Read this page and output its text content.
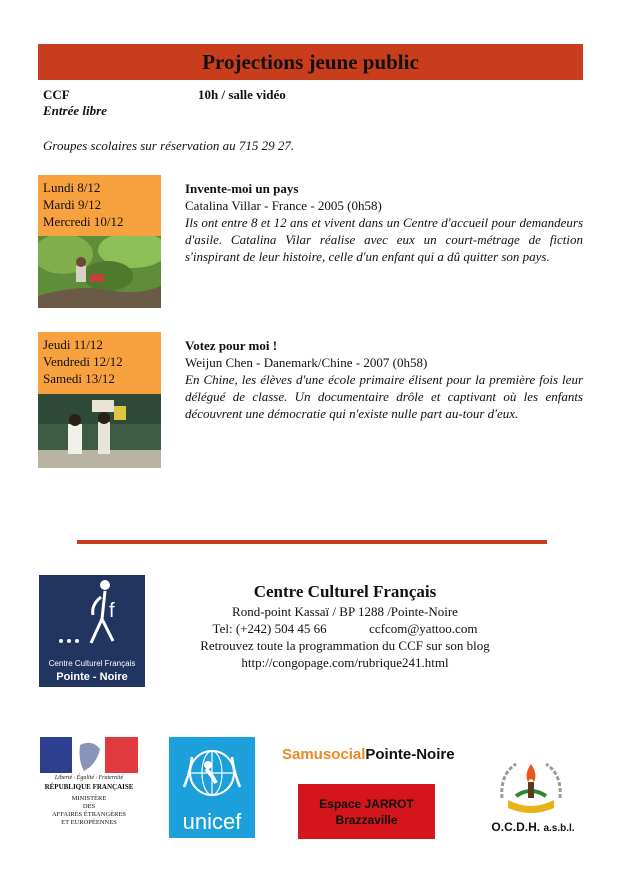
Projections jeune public
CCF	10h / salle vidéo
Entrée libre
Groupes scolaires sur réservation au 715 29 27.
Lundi 8/12
Mardi 9/12
Mercredi 10/12
Invente-moi un pays
Catalina Villar - France - 2005 (0h58)
Ils ont entre 8 et 12 ans et vivent dans un Centre d'accueil pour demandeurs d'asile. Catalina Vilar réalise avec eux un court-métrage de fiction s'inspirant de leur histoire, celle d'un enfant qui a dû quitter son pays.
Jeudi 11/12
Vendredi 12/12
Samedi 13/12
Votez pour moi !
Weijun Chen - Danemark/Chine - 2007 (0h58)
En Chine, les élèves d'une école primaire élisent pour la première fois leur délégué de classe. Un documentaire drôle et captivant où les enfants découvrent une démocratie qui n'existe nulle part au-tour d'eux.
f
Centre Culturel Français
Pointe - Noire
Centre Culturel Français
Rond-point Kassaï / BP 1288 /Pointe-Noire
Tel: (+242) 504 45 66	ccfcom@yattoo.com
Retrouvez toute la programmation du CCF sur son blog
http://congopage.com/rubrique241.html
Liberté · Égalité · Fraternité
RÉPUBLIQUE FRANÇAISE
MINISTÈRE
DES
AFFAIRES ÉTRANGÈRES
ET EUROPÉENNES	unicef
SamusocialPointe-Noire
Espace JARROT
Brazzaville
O.C.D.H. a.s.b.l.
